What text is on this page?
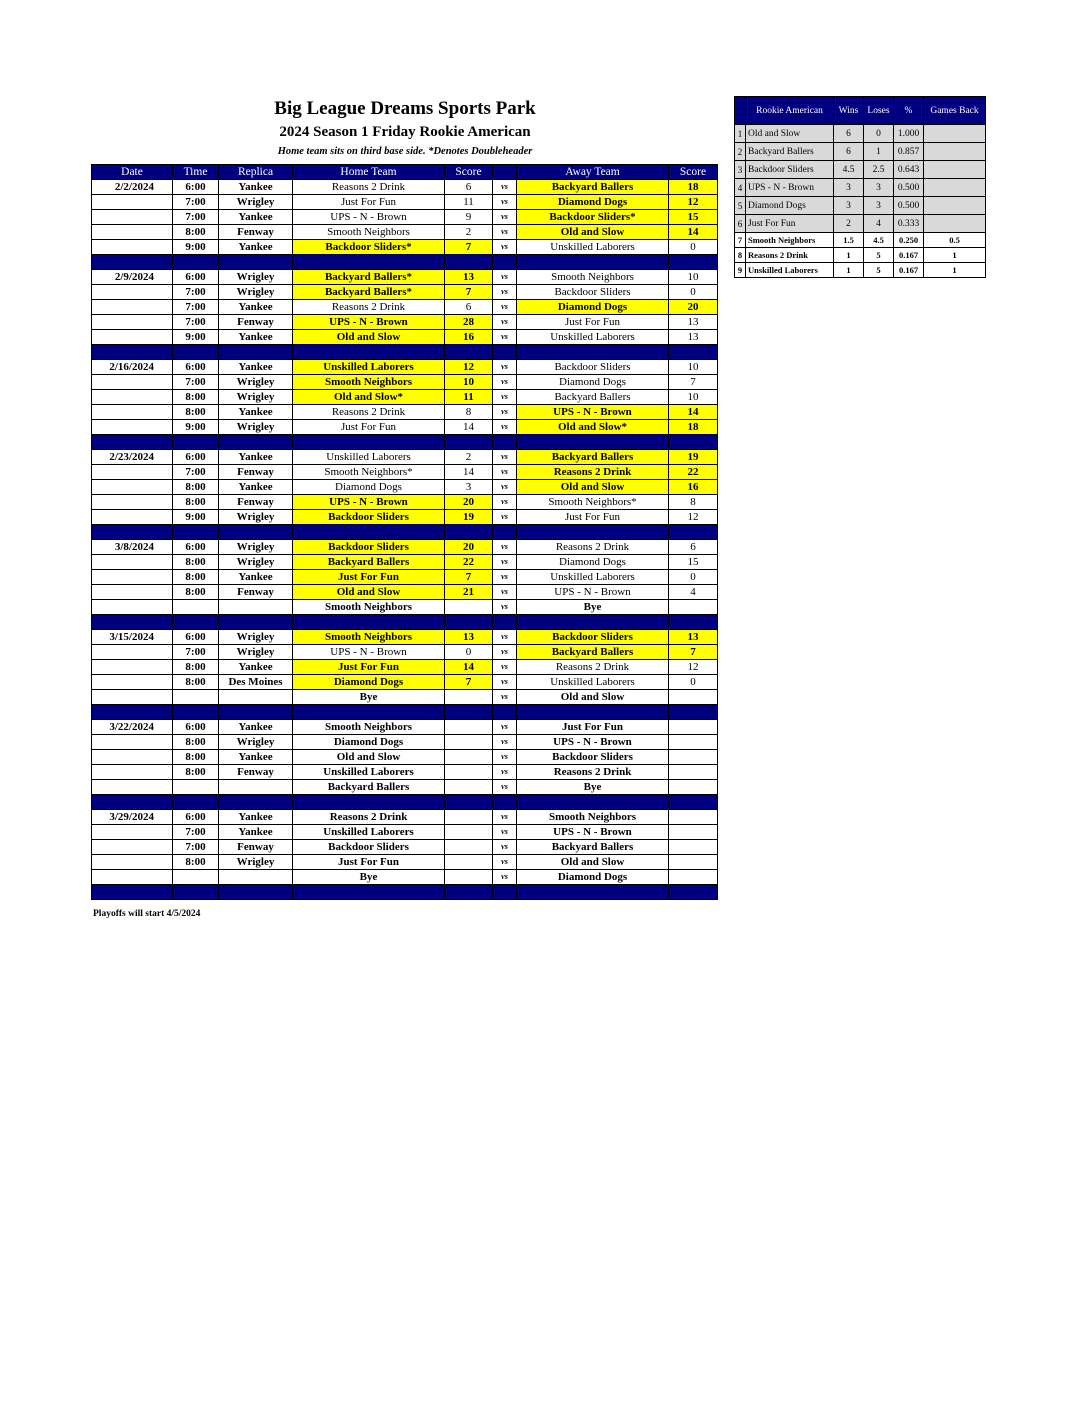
Big League Dreams Sports Park
2024 Season 1 Friday Rookie American
Home team sits on third base side. *Denotes Doubleheader
Date	Time	Replica	Home Team	Score		Away Team	Score
2/2/2024	6:00	Yankee	Reasons 2 Drink	6	vs	Backyard Ballers	18
	7:00	Wrigley	Just For Fun	11	vs	Diamond Dogs	12
	7:00	Yankee	UPS - N - Brown	9	vs	Backdoor Sliders*	15
	8:00	Fenway	Smooth Neighbors	2	vs	Old and Slow	14
	9:00	Yankee	Backdoor Sliders*	7	vs	Unskilled Laborers	0

2/9/2024	6:00	Wrigley	Backyard Ballers*	13	vs	Smooth Neighbors	10
	7:00	Wrigley	Backyard Ballers*	7	vs	Backdoor Sliders	0
	7:00	Yankee	Reasons 2 Drink	6	vs	Diamond Dogs	20
	7:00	Fenway	UPS - N - Brown	28	vs	Just For Fun	13
	9:00	Yankee	Old and Slow	16	vs	Unskilled Laborers	13

2/16/2024	6:00	Yankee	Unskilled Laborers	12	vs	Backdoor Sliders	10
	7:00	Wrigley	Smooth Neighbors	10	vs	Diamond Dogs	7
	8:00	Wrigley	Old and Slow*	11	vs	Backyard Ballers	10
	8:00	Yankee	Reasons 2 Drink	8	vs	UPS - N - Brown	14
	9:00	Wrigley	Just For Fun	14	vs	Old and Slow*	18

2/23/2024	6:00	Yankee	Unskilled Laborers	2	vs	Backyard Ballers	19
	7:00	Fenway	Smooth Neighbors*	14	vs	Reasons 2 Drink	22
	8:00	Yankee	Diamond Dogs	3	vs	Old and Slow	16
	8:00	Fenway	UPS - N - Brown	20	vs	Smooth Neighbors*	8
	9:00	Wrigley	Backdoor Sliders	19	vs	Just For Fun	12

3/8/2024	6:00	Wrigley	Backdoor Sliders	20	vs	Reasons 2 Drink	6
	8:00	Wrigley	Backyard Ballers	22	vs	Diamond Dogs	15
	8:00	Yankee	Just For Fun	7	vs	Unskilled Laborers	0
	8:00	Fenway	Old and Slow	21	vs	UPS - N - Brown	4
			Smooth Neighbors		vs	Bye	

3/15/2024	6:00	Wrigley	Smooth Neighbors	13	vs	Backdoor Sliders	13
	7:00	Wrigley	UPS - N - Brown	0	vs	Backyard Ballers	7
	8:00	Yankee	Just For Fun	14	vs	Reasons 2 Drink	12
	8:00	Des Moines	Diamond Dogs	7	vs	Unskilled Laborers	0
			Bye		vs	Old and Slow	

3/22/2024	6:00	Yankee	Smooth Neighbors		vs	Just For Fun	
	8:00	Wrigley	Diamond Dogs		vs	UPS - N - Brown	
	8:00	Yankee	Old and Slow		vs	Backdoor Sliders	
	8:00	Fenway	Unskilled Laborers		vs	Reasons 2 Drink	
			Backyard Ballers		vs	Bye	

3/29/2024	6:00	Yankee	Reasons 2 Drink		vs	Smooth Neighbors	
	7:00	Yankee	Unskilled Laborers		vs	UPS - N - Brown	
	7:00	Fenway	Backdoor Sliders		vs	Backyard Ballers	
	8:00	Wrigley	Just For Fun		vs	Old and Slow	
			Bye		vs	Diamond Dogs	

Playoffs will start 4/5/2024
	Rookie American	Wins	Loses	%	Games Back
1	Old and Slow	6	0	1.000	
2	Backyard Ballers	6	1	0.857	
3	Backdoor Sliders	4.5	2.5	0.643	
4	UPS - N - Brown	3	3	0.500	
5	Diamond Dogs	3	3	0.500	
6	Just For Fun	2	4	0.333	
7	Smooth Neighbors	1.5	4.5	0.250	0.5
8	Reasons 2 Drink	1	5	0.167	1
9	Unskilled Laborers	1	5	0.167	1
